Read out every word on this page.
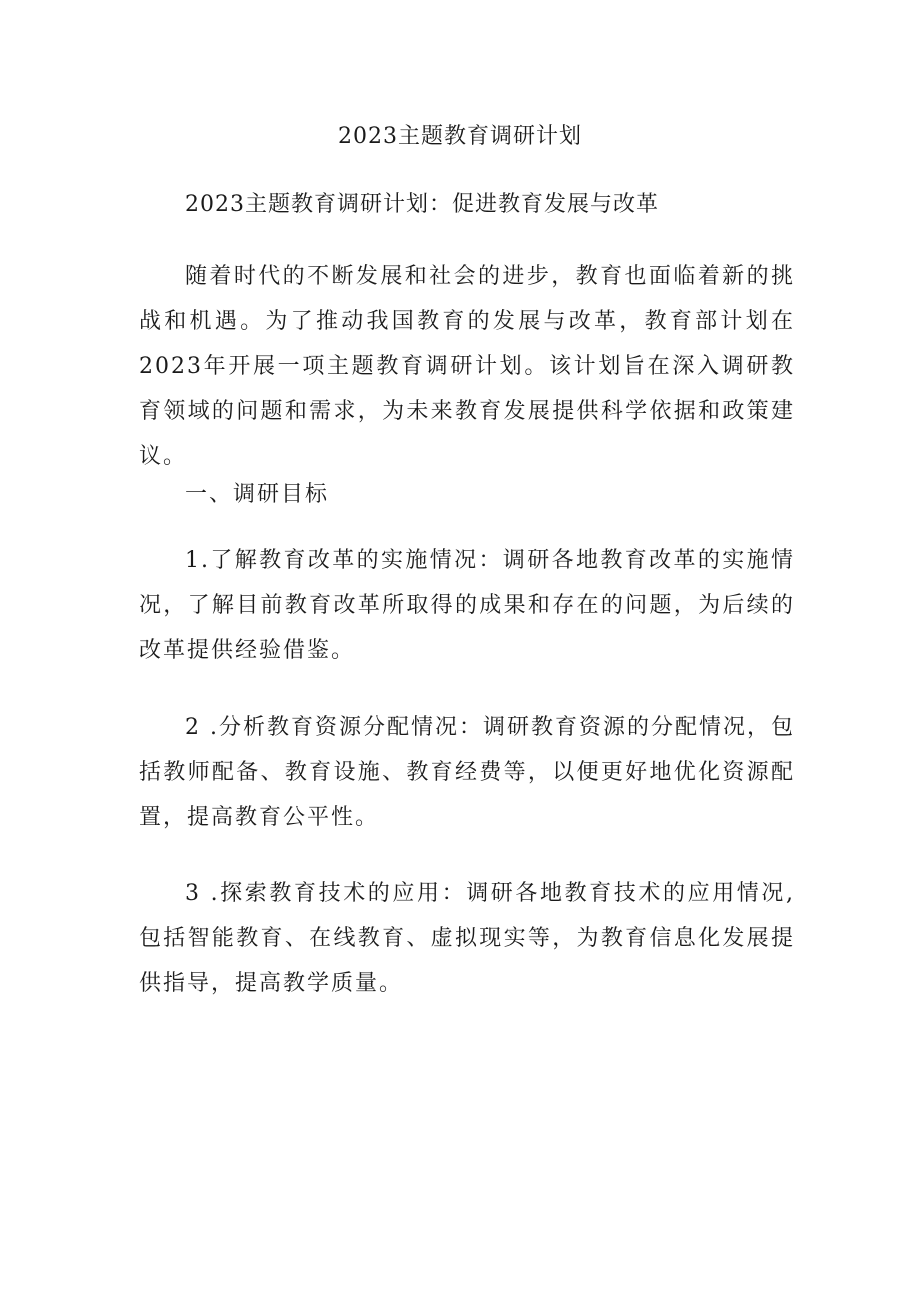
2023主题教育调研计划

2023主题教育调研计划：促进教育发展与改革

随着时代的不断发展和社会的进步，教育也面临着新的挑战和机遇。为了推动我国教育的发展与改革，教育部计划在2023年开展一项主题教育调研计划。该计划旨在深入调研教育领域的问题和需求，为未来教育发展提供科学依据和政策建议。

一、调研目标

1.了解教育改革的实施情况：调研各地教育改革的实施情况，了解目前教育改革所取得的成果和存在的问题，为后续的改革提供经验借鉴。

2 .分析教育资源分配情况：调研教育资源的分配情况，包括教师配备、教育设施、教育经费等，以便更好地优化资源配置，提高教育公平性。

3 .探索教育技术的应用：调研各地教育技术的应用情况,包括智能教育、在线教育、虚拟现实等，为教育信息化发展提供指导，提高教学质量。
